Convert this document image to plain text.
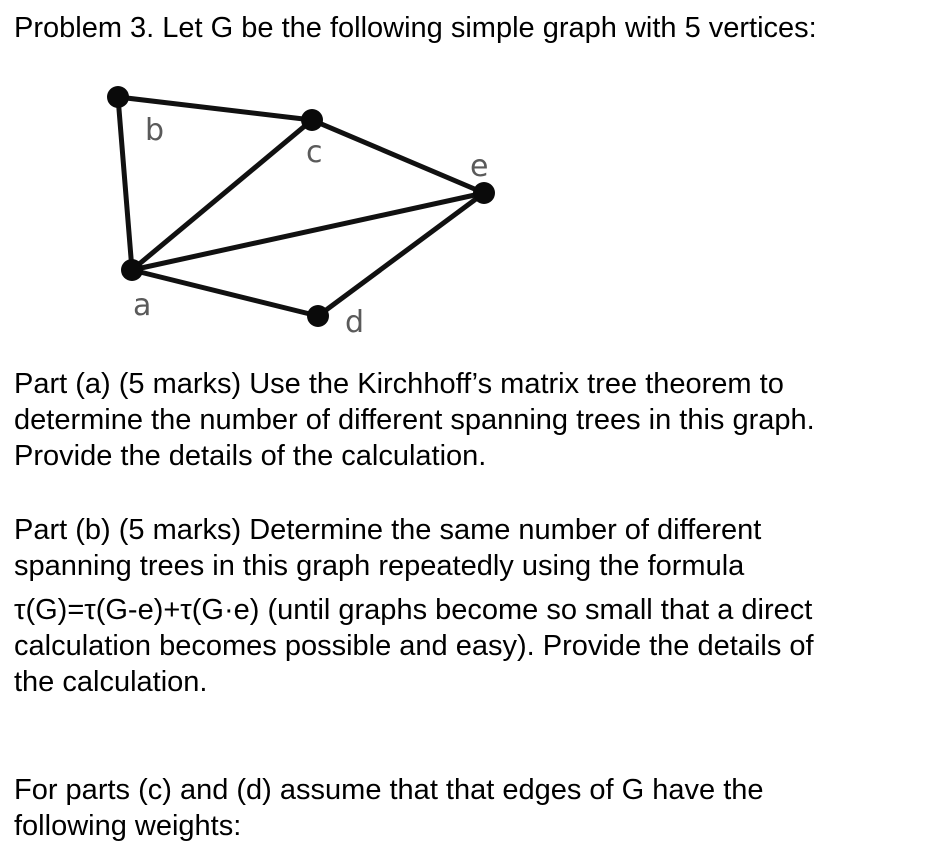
Problem 3. Let G be the following simple graph with 5 vertices:
a
b
c
d
e
Part (a) (5 marks) Use the Kirchhoff’s matrix tree theorem to
determine the number of different spanning trees in this graph.
Provide the details of the calculation.
Part (b) (5 marks) Determine the same number of different
spanning trees in this graph repeatedly using the formula
τ(G)=τ(G-e)+τ(G·e) (until graphs become so small that a direct
calculation becomes possible and easy). Provide the details of
the calculation.
For parts (c) and (d) assume that that edges of G have the
following weights:
